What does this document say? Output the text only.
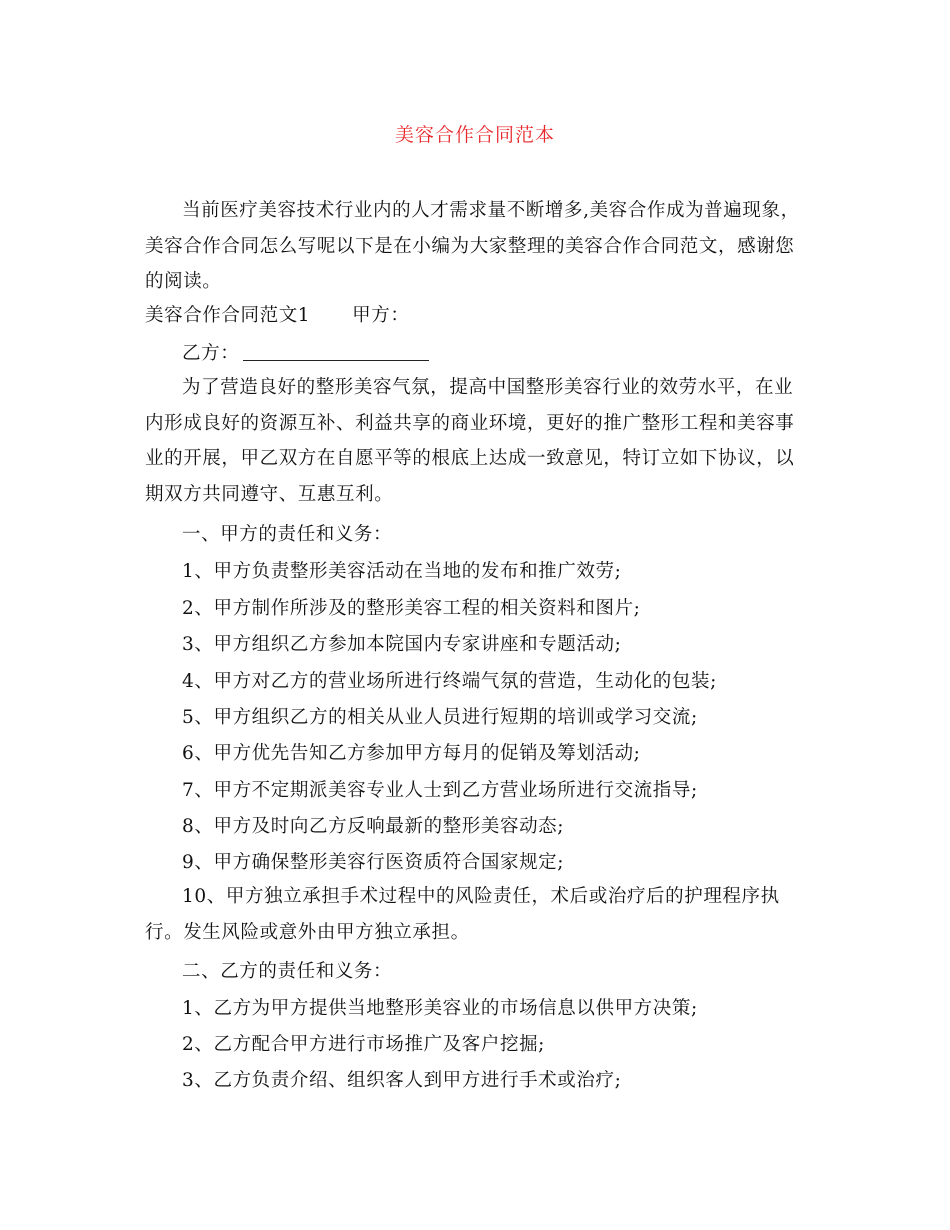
美容合作合同范本
当前医疗美容技术行业内的人才需求量不断增多,美容合作成为普遍现象，美容合作合同怎么写呢以下是在小编为大家整理的美容合作合同范文，感谢您的阅读。
美容合作合同范文1 甲方：
乙方：
为了营造良好的整形美容气氛，提高中国整形美容行业的效劳水平，在业内形成良好的资源互补、利益共享的商业环境，更好的推广整形工程和美容事业的开展，甲乙双方在自愿平等的根底上达成一致意见，特订立如下协议，以期双方共同遵守、互惠互利。
一、甲方的责任和义务：
1、甲方负责整形美容活动在当地的发布和推广效劳;
2、甲方制作所涉及的整形美容工程的相关资料和图片;
3、甲方组织乙方参加本院国内专家讲座和专题活动;
4、甲方对乙方的营业场所进行终端气氛的营造，生动化的包装;
5、甲方组织乙方的相关从业人员进行短期的培训或学习交流;
6、甲方优先告知乙方参加甲方每月的促销及筹划活动;
7、甲方不定期派美容专业人士到乙方营业场所进行交流指导;
8、甲方及时向乙方反响最新的整形美容动态;
9、甲方确保整形美容行医资质符合国家规定;
10、甲方独立承担手术过程中的风险责任，术后或治疗后的护理程序执行。发生风险或意外由甲方独立承担。
二、乙方的责任和义务：
1、乙方为甲方提供当地整形美容业的市场信息以供甲方决策;
2、乙方配合甲方进行市场推广及客户挖掘;
3、乙方负责介绍、组织客人到甲方进行手术或治疗;
